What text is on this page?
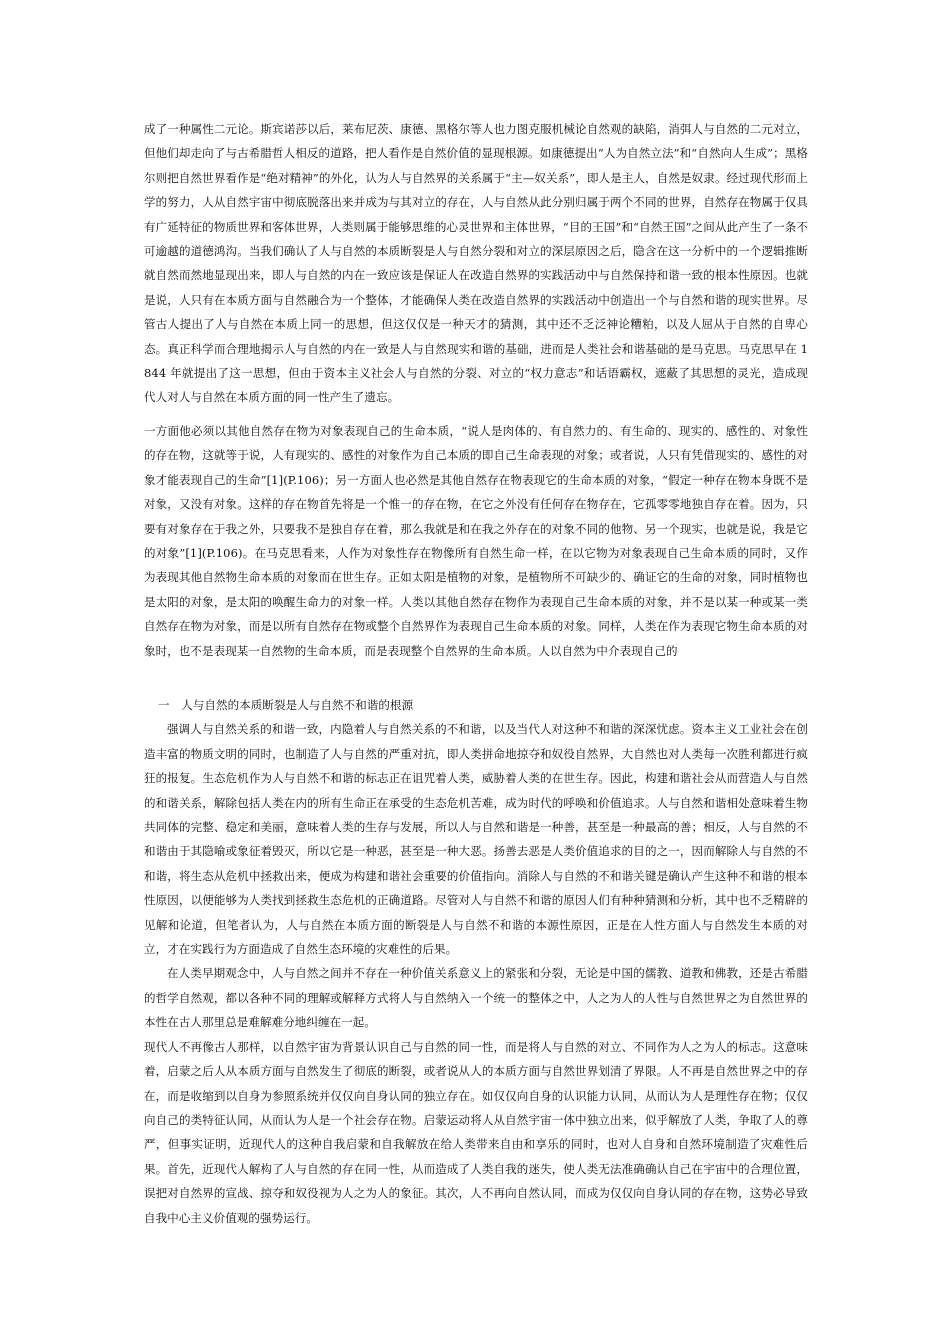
成了一种属性二元论。斯宾诺莎以后，莱布尼茨、康德、黑格尔等人也力图克服机械论自然观的缺陷，消弭人与自然的二元对立，但他们却走向了与古希腊哲人相反的道路，把人看作是自然价值的显现根源。如康德提出“人为自然立法”和“自然向人生成”；黑格尔则把自然世界看作是“绝对精神”的外化，认为人与自然界的关系属于“主—奴关系”，即人是主人，自然是奴隶。经过现代形而上学的努力，人从自然宇宙中彻底脱落出来并成为与其对立的存在，人与自然从此分别归属于两个不同的世界，自然存在物属于仅具有广延特征的物质世界和客体世界，人类则属于能够思维的心灵世界和主体世界，“目的王国”和“自然王国”之间从此产生了一条不可逾越的道德鸿沟。当我们确认了人与自然的本质断裂是人与自然分裂和对立的深层原因之后，隐含在这一分析中的一个逻辑推断就自然而然地显现出来，即人与自然的内在一致应该是保证人在改造自然界的实践活动中与自然保持和谐一致的根本性原因。也就是说，人只有在本质方面与自然融合为一个整体，才能确保人类在改造自然界的实践活动中创造出一个与自然和谐的现实世界。尽管古人提出了人与自然在本质上同一的思想，但这仅仅是一种天才的猜测，其中还不乏泛神论糟粕，以及人屈从于自然的自卑心态。真正科学而合理地揭示人与自然的内在一致是人与自然现实和谐的基础，进而是人类社会和谐基础的是马克思。马克思早在 1844 年就提出了这一思想，但由于资本主义社会人与自然的分裂、对立的“权力意志”和话语霸权，遮蔽了其思想的灵光，造成现代人对人与自然在本质方面的同一性产生了遗忘。

一方面他必须以其他自然存在物为对象表现自己的生命本质，“说人是肉体的、有自然力的、有生命的、现实的、感性的、对象性的存在物，这就等于说，人有现实的、感性的对象作为自己本质的即自己生命表现的对象；或者说，人只有凭借现实的、感性的对象才能表现自己的生命”[1](P.106)；另一方面人也必然是其他自然存在物表现它的生命本质的对象，“假定一种存在物本身既不是对象，又没有对象。这样的存在物首先将是一个惟一的存在物，在它之外没有任何存在物存在，它孤零零地独自存在着。因为，只要有对象存在于我之外，只要我不是独自存在着，那么我就是和在我之外存在的对象不同的他物、另一个现实，也就是说，我是它的对象”[1](P.106)。在马克思看来，人作为对象性存在物像所有自然生命一样，在以它物为对象表现自己生命本质的同时，又作为表现其他自然物生命本质的对象而在世生存。正如太阳是植物的对象，是植物所不可缺少的、确证它的生命的对象，同时植物也是太阳的对象，是太阳的唤醒生命力的对象一样。人类以其他自然存在物作为表现自己生命本质的对象，并不是以某一种或某一类自然存在物为对象，而是以所有自然存在物或整个自然界作为表现自己生命本质的对象。同样，人类在作为表现它物生命本质的对象时，也不是表现某一自然物的生命本质，而是表现整个自然界的生命本质。人以自然为中介表现自己的

一　人与自然的本质断裂是人与自然不和谐的根源
强调人与自然关系的和谐一致，内隐着人与自然关系的不和谐，以及当代人对这种不和谐的深深忧虑。资本主义工业社会在创造丰富的物质文明的同时，也制造了人与自然的严重对抗，即人类拼命地掠夺和奴役自然界，大自然也对人类每一次胜利都进行疯狂的报复。生态危机作为人与自然不和谐的标志正在诅咒着人类，威胁着人类的在世生存。因此，构建和谐社会从而营造人与自然的和谐关系，解除包括人类在内的所有生命正在承受的生态危机苦难，成为时代的呼唤和价值追求。人与自然和谐相处意味着生物共同体的完整、稳定和美丽，意味着人类的生存与发展，所以人与自然和谐是一种善，甚至是一种最高的善；相反，人与自然的不和谐由于其隐喻或象征着毁灭，所以它是一种恶，甚至是一种大恶。扬善去恶是人类价值追求的目的之一，因而解除人与自然的不和谐，将生态从危机中拯救出来，便成为构建和谐社会重要的价值指向。消除人与自然的不和谐关键是确认产生这种不和谐的根本性原因，以便能够为人类找到拯救生态危机的正确道路。尽管对人与自然不和谐的原因人们有种种猜测和分析，其中也不乏精辟的见解和论道，但笔者认为，人与自然在本质方面的断裂是人与自然不和谐的本源性原因，正是在人性方面人与自然发生本质的对立，才在实践行为方面造成了自然生态环境的灾难性的后果。
在人类早期观念中，人与自然之间并不存在一种价值关系意义上的紧张和分裂，无论是中国的儒教、道教和佛教，还是古希腊的哲学自然观，都以各种不同的理解或解释方式将人与自然纳入一个统一的整体之中，人之为人的人性与自然世界之为自然世界的本性在古人那里总是难解难分地纠缠在一起。
现代人不再像古人那样，以自然宇宙为背景认识自己与自然的同一性，而是将人与自然的对立、不同作为人之为人的标志。这意味着，启蒙之后人从本质方面与自然发生了彻底的断裂，或者说从人的本质方面与自然世界划清了界限。人不再是自然世界之中的存在，而是收缩到以自身为参照系统并仅仅向自身认同的独立存在。如仅仅向自身的认识能力认同，从而认为人是理性存在物；仅仅向自己的类特征认同，从而认为人是一个社会存在物。启蒙运动将人从自然宇宙一体中独立出来，似乎解放了人类，争取了人的尊严，但事实证明，近现代人的这种自我启蒙和自我解放在给人类带来自由和享乐的同时，也对人自身和自然环境制造了灾难性后果。首先，近现代人解构了人与自然的存在同一性，从而造成了人类自我的迷失，使人类无法准确确认自己在宇宙中的合理位置，误把对自然界的宣战、掠夺和奴役视为人之为人的象征。其次，人不再向自然认同，而成为仅仅向自身认同的存在物，这势必导致自我中心主义价值观的强势运行。
